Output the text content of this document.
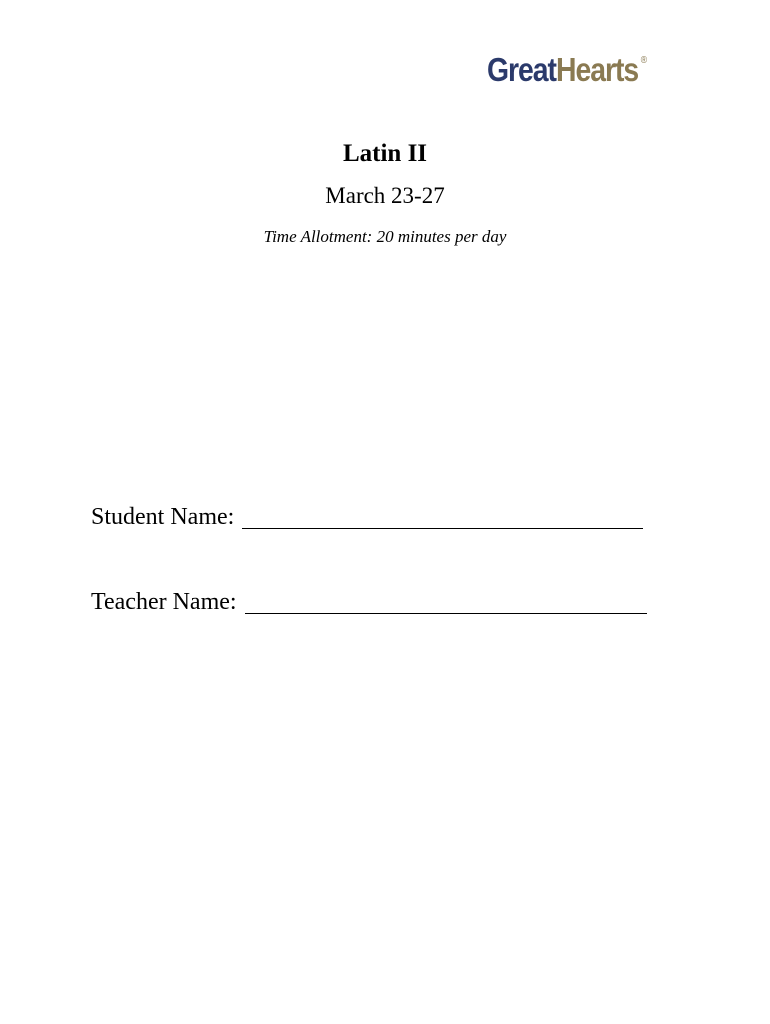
Great Hearts ®
Latin II
March 23-27
Time Allotment: 20 minutes per day
Student Name:
Teacher Name:
